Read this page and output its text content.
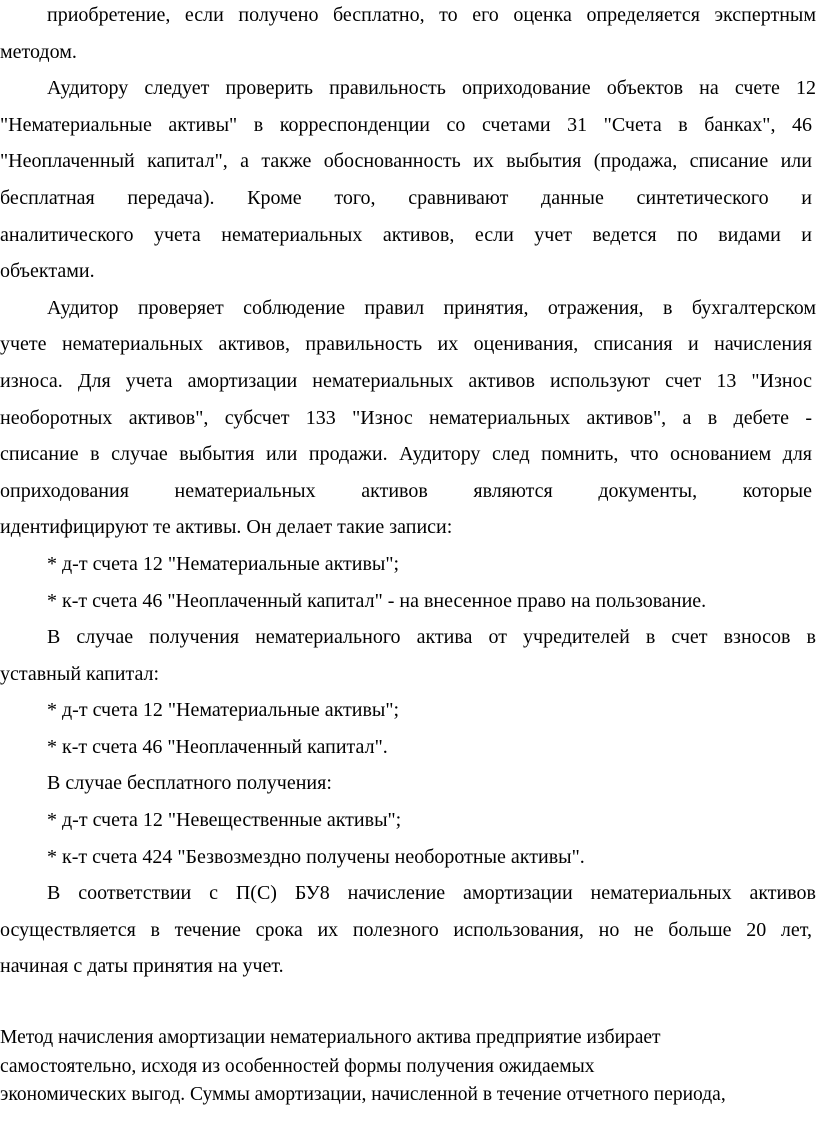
приобретение, если получено бесплатно, то его оценка определяется экспертным
методом.
Аудитору следует проверить правильность оприходование объектов на счете 12
"Нематериальные активы" в корреспонденции со счетами 31 "Счета в банках", 46
"Неоплаченный капитал", а также обоснованность их выбытия (продажа, списание или
бесплатная передача). Кроме того, сравнивают данные синтетического и
аналитического учета нематериальных активов, если учет ведется по видами и
объектами.
Аудитор проверяет соблюдение правил принятия, отражения, в бухгалтерском
учете нематериальных активов, правильность их оценивания, списания и начисления
износа. Для учета амортизации нематериальных активов используют счет 13 "Износ
необоротных активов", субсчет 133 "Износ нематериальных активов", а в дебете -
списание в случае выбытия или продажи. Аудитору след помнить, что основанием для
оприходования нематериальных активов являются документы, которые
идентифицируют те активы. Он делает такие записи:
* д-т счета 12 "Нематериальные активы";
* к-т счета 46 "Неоплаченный капитал" - на внесенное право на пользование.
В случае получения нематериального актива от учредителей в счет взносов в
уставный капитал:
* д-т счета 12 "Нематериальные активы";
* к-т счета 46 "Неоплаченный капитал".
В случае бесплатного получения:
* д-т счета 12 "Невещественные активы";
* к-т счета 424 "Безвозмездно получены необоротные активы".
В соответствии с П(С) БУ8 начисление амортизации нематериальных активов
осуществляется в течение срока их полезного использования, но не больше 20 лет,
начиная с даты принятия на учет.
Метод начисления амортизации нематериального актива предприятие избирает
самостоятельно, исходя из особенностей формы получения ожидаемых
экономических выгод. Суммы амортизации, начисленной в течение отчетного периода,
